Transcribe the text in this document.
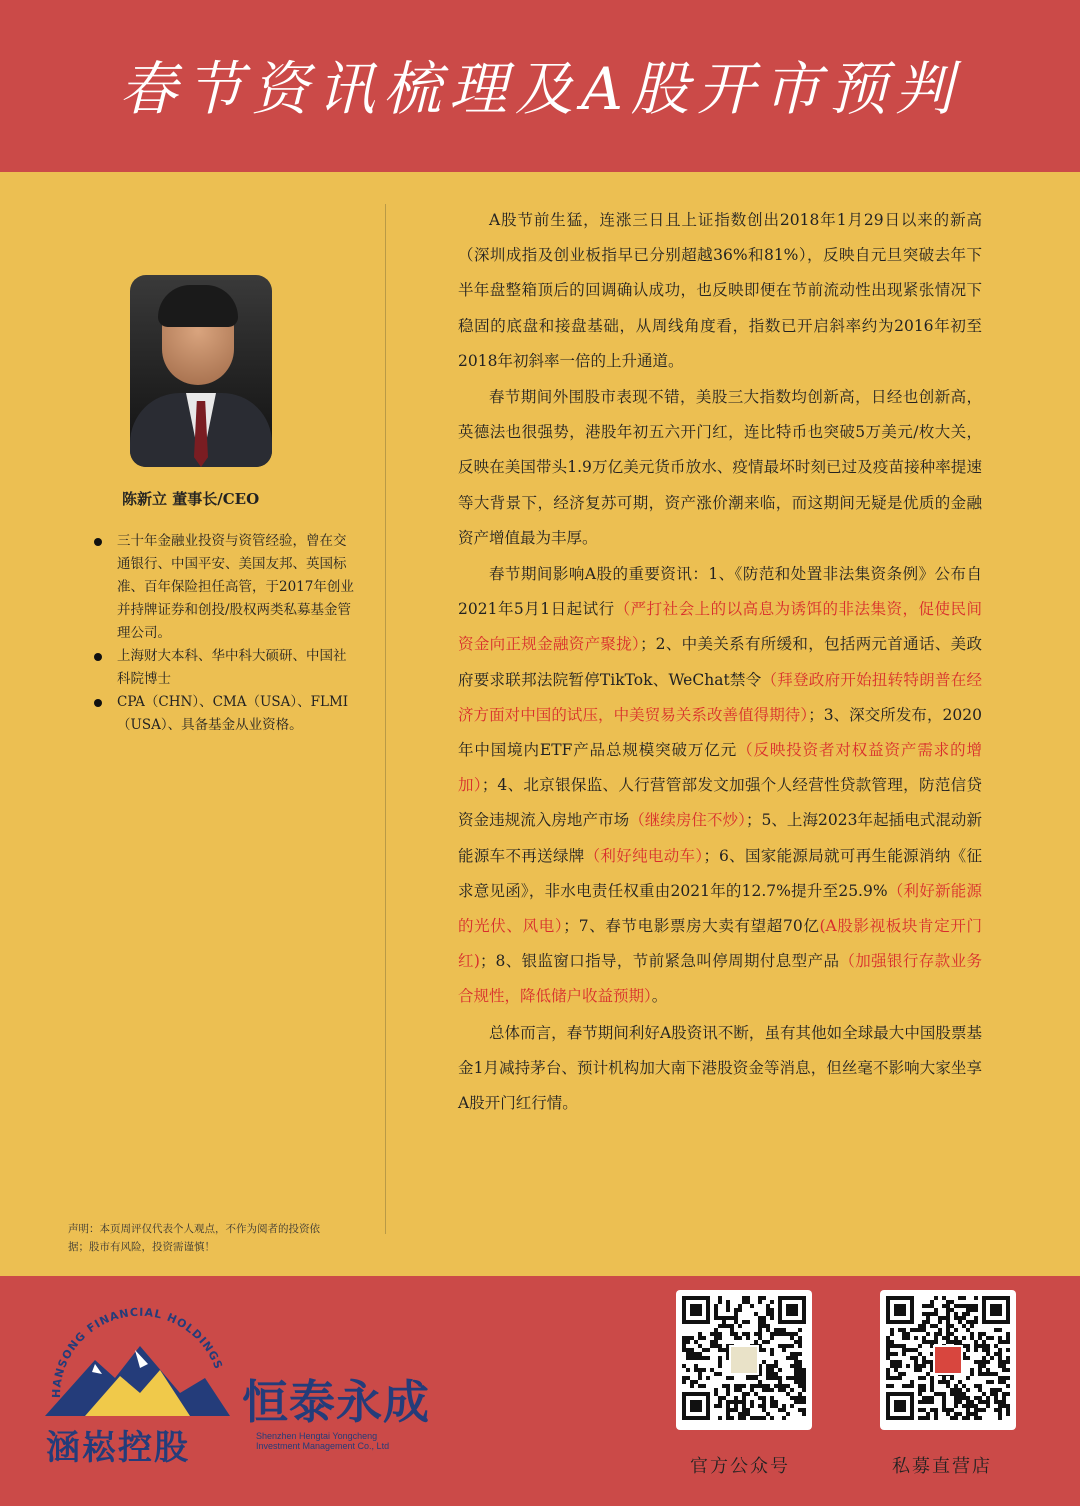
春节资讯梳理及A股开市预判
陈新立 董事长/CEO
三十年金融业投资与资管经验，曾在交通银行、中国平安、美国友邦、英国标准、百年保险担任高管，于2017年创业并持牌证券和创投/股权两类私募基金管理公司。
上海财大本科、华中科大硕研、中国社科院博士
CPA（CHN）、CMA（USA）、FLMI（USA）、具备基金从业资格。
声明：本页周评仅代表个人观点，不作为阅者的投资依据；股市有风险，投资需谨慎！

A股节前生猛，连涨三日且上证指数创出2018年1月29日以来的新高（深圳成指及创业板指早已分别超越36%和81%），反映自元旦突破去年下半年盘整箱顶后的回调确认成功，也反映即便在节前流动性出现紧张情况下稳固的底盘和接盘基础，从周线角度看，指数已开启斜率约为2016年初至2018年初斜率一倍的上升通道。

春节期间外围股市表现不错，美股三大指数均创新高，日经也创新高，英德法也很强势，港股年初五六开门红，连比特币也突破5万美元/枚大关，反映在美国带头1.9万亿美元货币放水、疫情最坏时刻已过及疫苗接种率提速等大背景下，经济复苏可期，资产涨价潮来临，而这期间无疑是优质的金融资产增值最为丰厚。

春节期间影响A股的重要资讯：1、《防范和处置非法集资条例》公布自2021年5月1日起试行（严打社会上的以高息为诱饵的非法集资，促使民间资金向正规金融资产聚拢）；2、中美关系有所缓和，包括两元首通话、美政府要求联邦法院暂停TikTok、WeChat禁令（拜登政府开始扭转特朗普在经济方面对中国的试压，中美贸易关系改善值得期待）；3、深交所发布，2020年中国境内ETF产品总规模突破万亿元（反映投资者对权益资产需求的增加）；4、北京银保监、人行营管部发文加强个人经营性贷款管理，防范信贷资金违规流入房地产市场（继续房住不炒）；5、上海2023年起插电式混动新能源车不再送绿牌（利好纯电动车）；6、国家能源局就可再生能源消纳《征求意见函》，非水电责任权重由2021年的12.7%提升至25.9%（利好新能源的光伏、风电）；7、春节电影票房大卖有望超70亿(A股影视板块肯定开门红)；8、银监窗口指导，节前紧急叫停周期付息型产品（加强银行存款业务合规性，降低储户收益预期）。

总体而言，春节期间利好A股资讯不断，虽有其他如全球最大中国股票基金1月减持茅台、预计机构加大南下港股资金等消息，但丝毫不影响大家坐享A股开门红行情。

HANSONG FINANCIAL HOLDINGS
涵崧控股
恒泰永成
Shenzhen Hengtai Yongcheng
Investment Management Co., Ltd
官方公众号	私募直营店
